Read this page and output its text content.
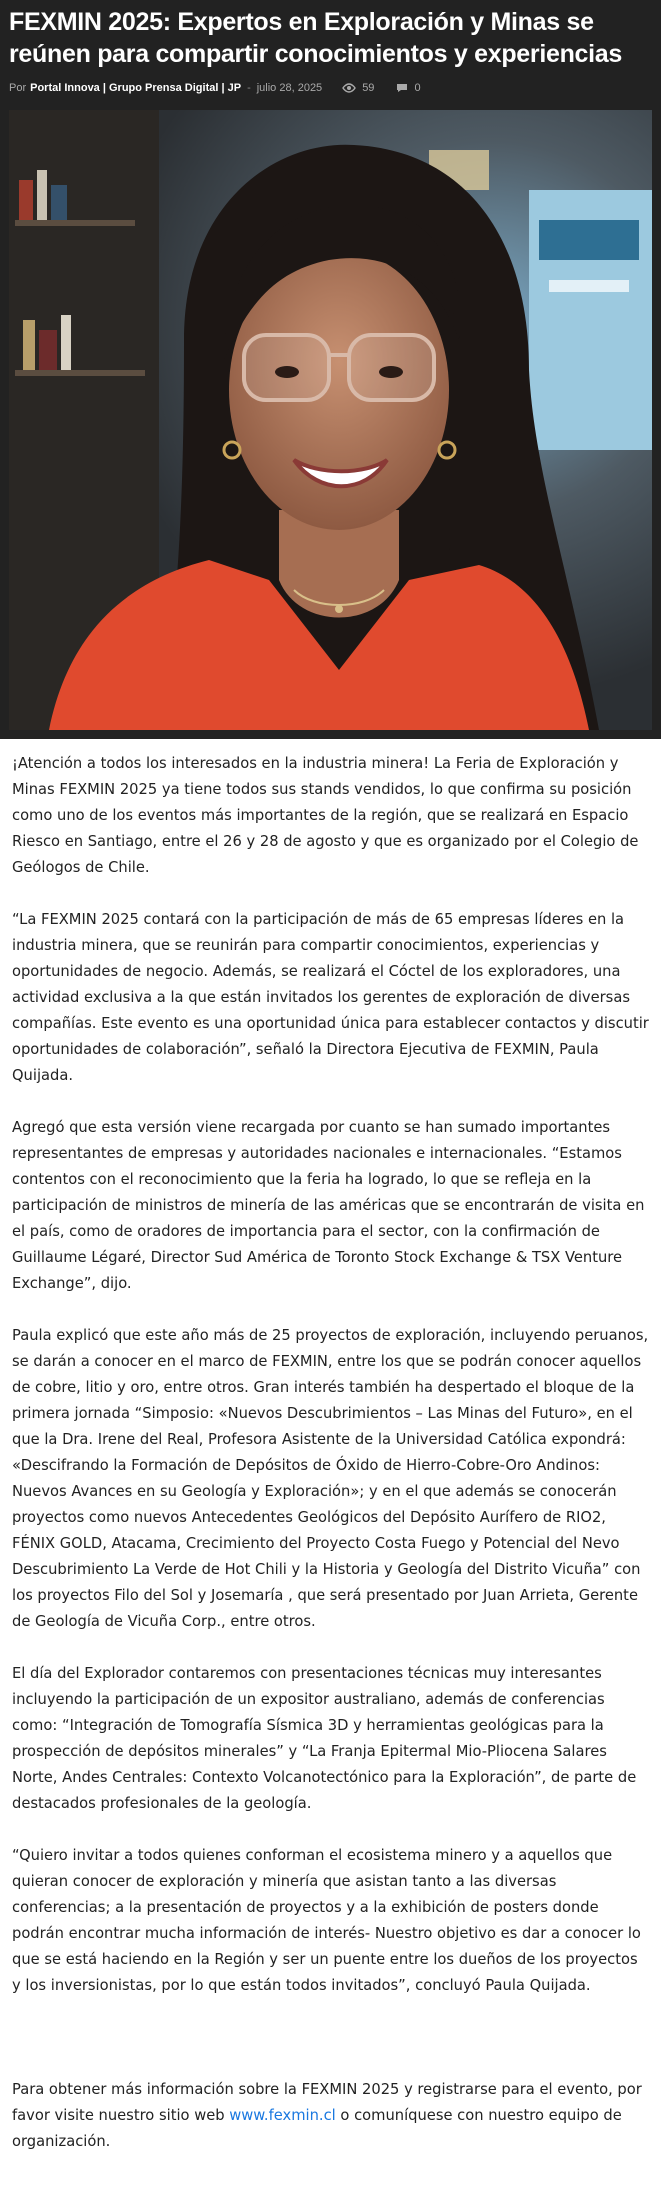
FEXMIN 2025: Expertos en Exploración y Minas se reúnen para compartir conocimientos y experiencias
Por Portal Innova | Grupo Prensa Digital | JP - julio 28, 2025	59	0

¡Atención a todos los interesados en la industria minera! La Feria de Exploración y Minas FEXMIN 2025 ya tiene todos sus stands vendidos, lo que confirma su posición como uno de los eventos más importantes de la región, que se realizará en Espacio Riesco en Santiago, entre el 26 y 28 de agosto y que es organizado por el Colegio de Geólogos de Chile.

“La FEXMIN 2025 contará con la participación de más de 65 empresas líderes en la industria minera, que se reunirán para compartir conocimientos, experiencias y oportunidades de negocio. Además, se realizará el Cóctel de los exploradores, una actividad exclusiva a la que están invitados los gerentes de exploración de diversas compañías. Este evento es una oportunidad única para establecer contactos y discutir oportunidades de colaboración”, señaló la Directora Ejecutiva de FEXMIN, Paula Quijada.

Agregó que esta versión viene recargada por cuanto se han sumado importantes representantes de empresas y autoridades nacionales e internacionales. “Estamos contentos con el reconocimiento que la feria ha logrado, lo que se refleja en la participación de ministros de minería de las américas que se encontrarán de visita en el país, como de oradores de importancia para el sector, con la confirmación de Guillaume Légaré, Director Sud América de Toronto Stock Exchange & TSX Venture Exchange”, dijo.

Paula explicó que este año más de 25 proyectos de exploración, incluyendo peruanos, se darán a conocer en el marco de FEXMIN, entre los que se podrán conocer aquellos de cobre, litio y oro, entre otros. Gran interés también ha despertado el bloque de la primera jornada “Simposio: «Nuevos Descubrimientos – Las Minas del Futuro», en el que la Dra. Irene del Real, Profesora Asistente de la Universidad Católica expondrá: «Descifrando la Formación de Depósitos de Óxido de Hierro-Cobre-Oro Andinos: Nuevos Avances en su Geología y Exploración»; y en el que además se conocerán proyectos como nuevos Antecedentes Geológicos del Depósito Aurífero de RIO2, FÉNIX GOLD, Atacama, Crecimiento del Proyecto Costa Fuego y Potencial del Nevo Descubrimiento La Verde de Hot Chili y la Historia y Geología del Distrito Vicuña” con los proyectos Filo del Sol y Josemaría , que será presentado por Juan Arrieta, Gerente de Geología de Vicuña Corp., entre otros.

El día del Explorador contaremos con presentaciones técnicas muy interesantes incluyendo la participación de un expositor australiano, además de conferencias como: “Integración de Tomografía Sísmica 3D y herramientas geológicas para la prospección de depósitos minerales” y “La Franja Epitermal Mio-Pliocena Salares Norte, Andes Centrales: Contexto Volcanotectónico para la Exploración”, de parte de destacados profesionales de la geología.

“Quiero invitar a todos quienes conforman el ecosistema minero y a aquellos que quieran conocer de exploración y minería que asistan tanto a las diversas conferencias; a la presentación de proyectos y a la exhibición de posters donde podrán encontrar mucha información de interés- Nuestro objetivo es dar a conocer lo que se está haciendo en la Región y ser un puente entre los dueños de los proyectos y los inversionistas, por lo que están todos invitados”, concluyó Paula Quijada.

Para obtener más información sobre la FEXMIN 2025 y registrarse para el evento, por favor visite nuestro sitio web www.fexmin.cl o comuníquese con nuestro equipo de organización.
